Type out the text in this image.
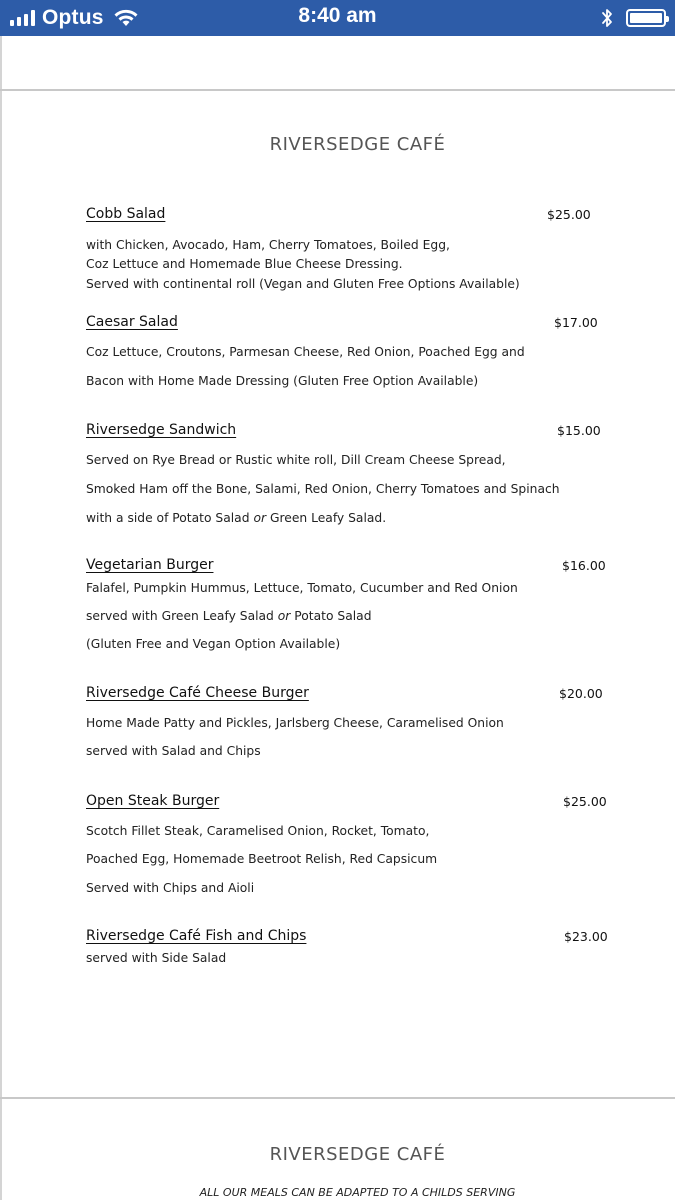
Optus	8:40 am
RIVERSEDGE CAFÉ
Cobb Salad	$25.00
with Chicken, Avocado, Ham, Cherry Tomatoes, Boiled Egg,
Coz Lettuce and Homemade Blue Cheese Dressing.
Served with continental roll (Vegan and Gluten Free Options Available)
Caesar Salad	$17.00
Coz Lettuce, Croutons, Parmesan Cheese, Red Onion, Poached Egg and
Bacon with Home Made Dressing (Gluten Free Option Available)
Riversedge Sandwich	$15.00
Served on Rye Bread or Rustic white roll, Dill Cream Cheese Spread,
Smoked Ham off the Bone, Salami, Red Onion, Cherry Tomatoes and Spinach
with a side of Potato Salad or Green Leafy Salad.
Vegetarian Burger	$16.00
Falafel, Pumpkin Hummus, Lettuce, Tomato, Cucumber and Red Onion
served with Green Leafy Salad or Potato Salad
(Gluten Free and Vegan Option Available)
Riversedge Café Cheese Burger	$20.00
Home Made Patty and Pickles, Jarlsberg Cheese, Caramelised Onion
served with Salad and Chips
Open Steak Burger	$25.00
Scotch Fillet Steak, Caramelised Onion, Rocket, Tomato,
Poached Egg, Homemade Beetroot Relish, Red Capsicum
Served with Chips and Aioli
Riversedge Café Fish and Chips	$23.00
served with Side Salad
RIVERSEDGE CAFÉ
ALL OUR MEALS CAN BE ADAPTED TO A CHILDS SERVING
